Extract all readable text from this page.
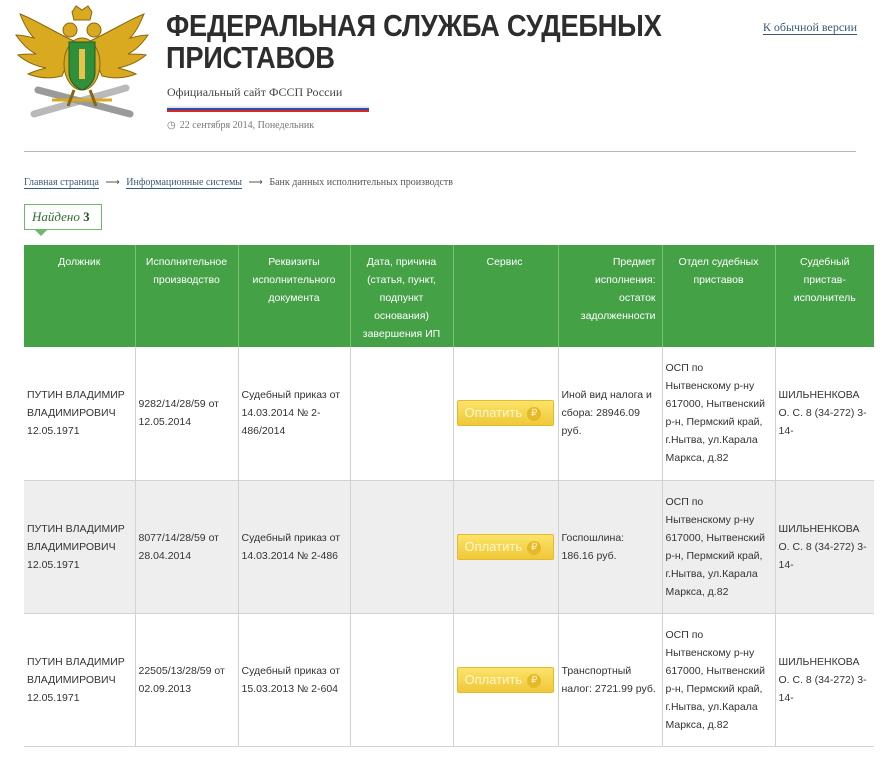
ФЕДЕРАЛЬНАЯ СЛУЖБА СУДЕБНЫХ ПРИСТАВОВ
Официальный сайт ФССП России
◷ 22 сентября 2014, Понедельник
К обычной версии
Главная страница ⟶ Информационные системы ⟶ Банк данных исполнительных производств
Найдено 3
Должник	Исполнительное производство	Реквизиты исполнительного документа	Дата, причина (статья, пункт, подпункт основания) завершения ИП	Сервис	Предмет исполнения: остаток задолженности	Отдел судебных приставов	Судебный пристав-исполнитель
ПУТИН ВЛАДИМИР ВЛАДИМИРОВИЧ 12.05.1971	9282/14/28/59 от 12.05.2014	Судебный приказ от 14.03.2014 № 2-486/2014		Оплатить ₽	Иной вид налога и сбора: 28946.09 руб.	ОСП по Нытвенскому р-ну 617000, Нытвенский р-н, Пермский край, г.Нытва, ул.Карала Маркса, д.82	ШИЛЬНЕНКОВА О. С. 8 (34-272) 3-14-
ПУТИН ВЛАДИМИР ВЛАДИМИРОВИЧ 12.05.1971	8077/14/28/59 от 28.04.2014	Судебный приказ от 14.03.2014 № 2-486		Оплатить ₽	Госпошлина: 186.16 руб.	ОСП по Нытвенскому р-ну 617000, Нытвенский р-н, Пермский край, г.Нытва, ул.Карала Маркса, д.82	ШИЛЬНЕНКОВА О. С. 8 (34-272) 3-14-
ПУТИН ВЛАДИМИР ВЛАДИМИРОВИЧ 12.05.1971	22505/13/28/59 от 02.09.2013	Судебный приказ от 15.03.2013 № 2-604		Оплатить ₽	Транспортный налог: 2721.99 руб.	ОСП по Нытвенскому р-ну 617000, Нытвенский р-н, Пермский край, г.Нытва, ул.Карала Маркса, д.82	ШИЛЬНЕНКОВА О. С. 8 (34-272) 3-14-
